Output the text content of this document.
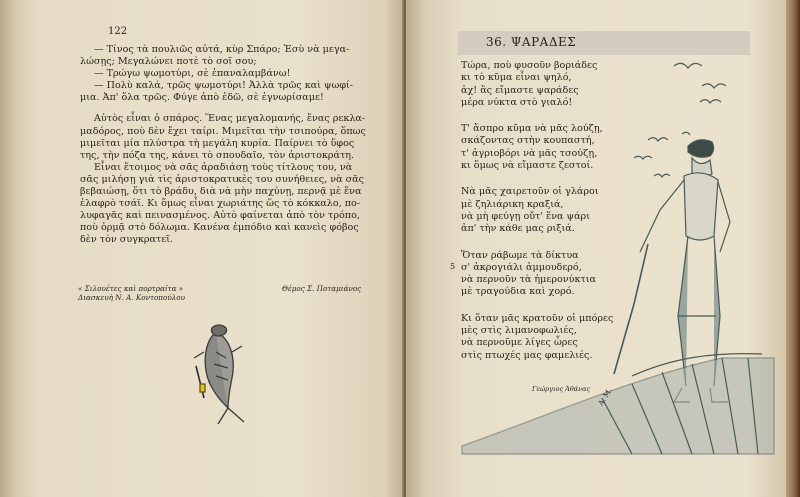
122
— Τίνος τὰ πουλιῶς αὐτά, κὺρ Σπάρο; Ἐσὺ νὰ μεγα-
λώσῃς; Μεγαλώνει ποτὲ τὸ σοῖ σου;
— Τρώγω ψωμοτύρι, σὲ ἐπαναλαμβάνω!
— Πολὺ καλά, τρῶς ψωμοτύρι! Ἀλλὰ τρῶς καὶ ψωφί-
μια. Ἀπ' ὅλα τρῶς. Φύγε ἀπὸ ἐδῶ, σὲ ἐγνωρίσαμε!
Αὐτὸς εἶναι ὁ σπάρος. Ἕνας μεγαλομανής, ἕνας ρεκλα-
μαδόρος, ποὺ δὲν ἔχει ταίρι. Μιμεῖται τὴν τσιπούρα, ὅπως
μιμεῖται μία πλύστρα τὴ μεγάλη κυρία. Παίρνει τὸ ὕφος
της, τὴν πόζα της, κάνει τὸ σπουδαῖο, τὸν ἀριστοκράτη.
Εἶναι ἕτοιμος νὰ σᾶς ἀραδιάσῃ τοὺς τίτλους του, νὰ
σᾶς μιλήσῃ γιὰ τὶς ἀριστοκρατικὲς του συνήθειες, νὰ σᾶς
βεβαιώσῃ, ὅτι τὸ βράδυ, διὰ νὰ μὴν παχύνῃ, περνᾷ μὲ ἕνα
ἐλαφρὸ τσάϊ. Κι ὅμως εἶναι χωριάτης ὥς τὸ κόκκαλο, πο-
λυφαγᾶς καὶ πεινασμένος. Αὐτὸ φαίνεται ἀπὸ τὸν τρόπο,
ποὺ ὁρμᾷ στὸ δόλωμα. Κανένα ἐμπόδιο καὶ κανεὶς φόβος
δὲν τὸν συγκρατεῖ.
« Σιλουέτες καὶ πορτραῖτα »
Διασκευὴ Ν. Α. Κοντοπούλου
Θέμος Σ. Ποταμιάνος
36. ΨΑΡΑΔΕΣ
Α. Μ.
Τώρα, ποὺ φυσοῦν βοριάδες
κι τὸ κῦμα εἶναι ψηλό,
ἀχ! ἂς εἴμαστε ψαράδες
μέρα νύκτα στὸ γιαλό!
Τ' ἄσπρο κῦμα νὰ μᾶς λούζῃ,
σκάζοντας στὴν κουπαστή,
τ' ἀγριοβόρι νὰ μᾶς τσούζῃ,
κι ὅμως νὰ εἴμαστε ζεστοί.
Νὰ μᾶς χαιρετοῦν οἱ γλάροι
μὲ ζηλιάρικη κραξιά,
νὰ μὴ φεύγῃ οὔτ' ἕνα ψάρι
ἀπ' τὴν κάθε μας ριξιά.
Ὅταν ράβωμε τὰ δίκτυα
σ' ἀκρογιάλι ἀμμουδερό,
νὰ περνοῦν τὰ ἡμερονύκτια
μὲ τραγούδια καὶ χορό.
Κι ὅταν μᾶς κρατοῦν οἱ μπόρες
μὲς στὶς λιμανοφωλιές,
νὰ περνοῦμε λίγες ὧρες
στὶς πτωχές μας φαμελιές.
5
Γεώργιος Ἀθάνας
